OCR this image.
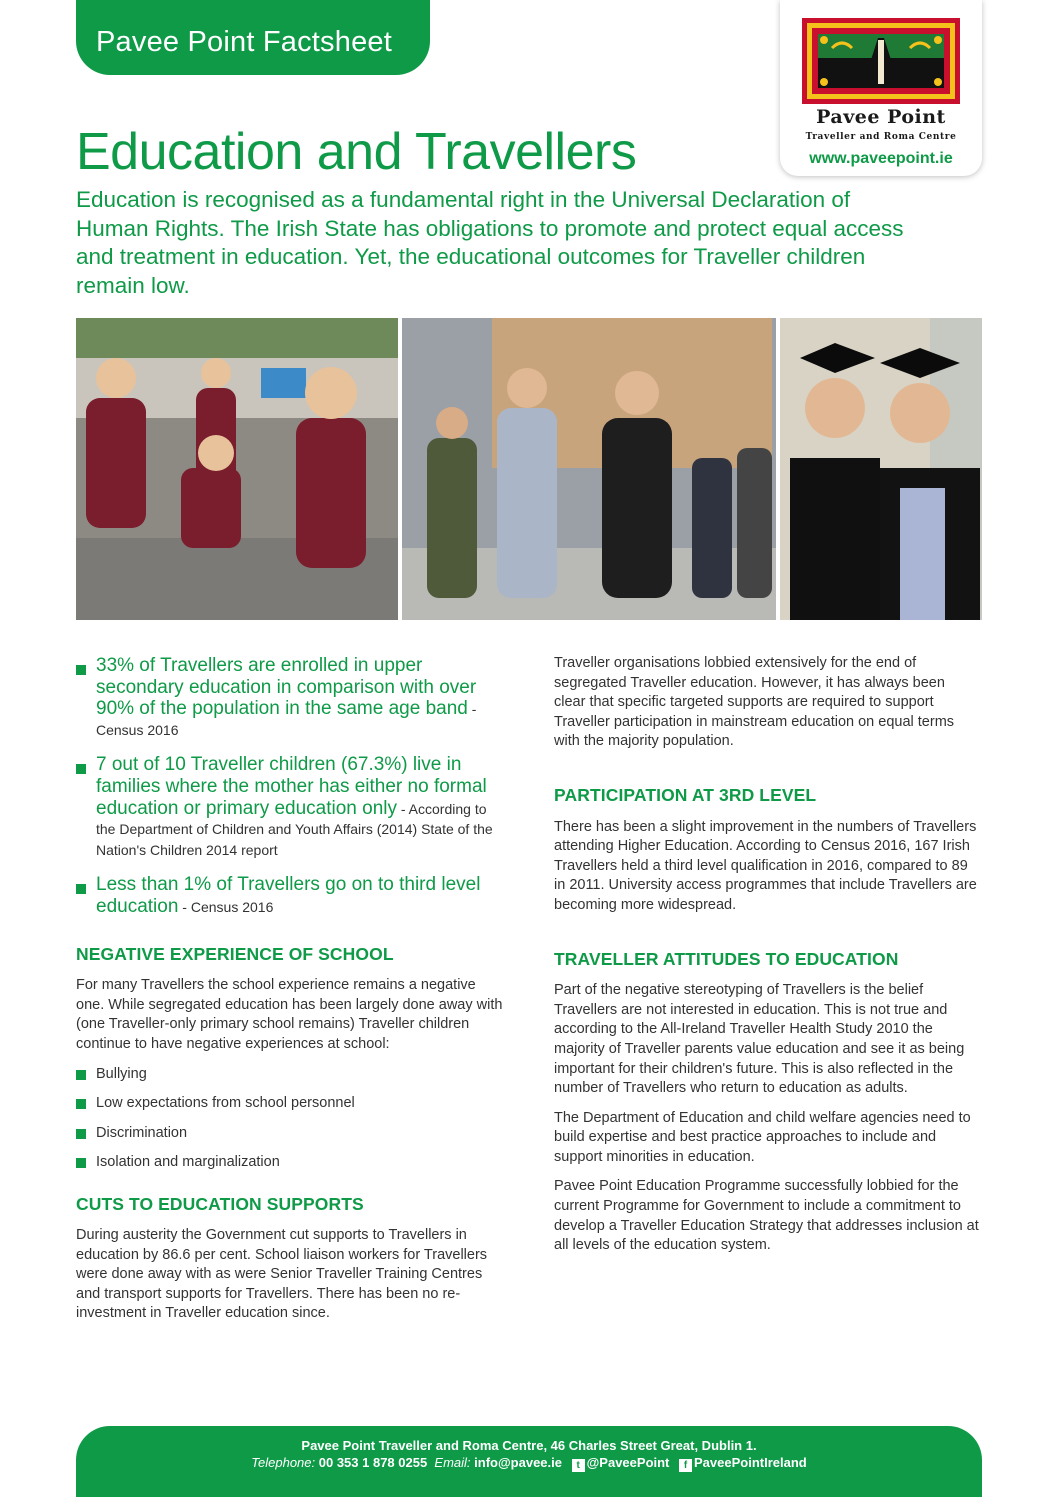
Pavee Point Factsheet
Pavee Point
Traveller and Roma Centre
www.paveepoint.ie
Education and Travellers

Education is recognised as a fundamental right in the Universal Declaration of Human Rights. The Irish State has obligations to promote and protect equal access and treatment in education. Yet, the educational outcomes for Traveller children remain low.

33% of Travellers are enrolled in upper secondary education in comparison with over 90% of the population in the same age band - Census 2016
7 out of 10 Traveller children (67.3%) live in families where the mother has either no formal education or primary education only - According to the Department of Children and Youth Affairs (2014) State of the Nation's Children 2014 report
Less than 1% of Travellers go on to third level education - Census 2016
NEGATIVE EXPERIENCE OF SCHOOL

For many Travellers the school experience remains a negative one. While segregated education has been largely done away with (one Traveller-only primary school remains) Traveller children continue to have negative experiences at school:

Bullying
Low expectations from school personnel
Discrimination
Isolation and marginalization
CUTS TO EDUCATION SUPPORTS

During austerity the Government cut supports to Travellers in education by 86.6 per cent. School liaison workers for Travellers were done away with as were Senior Traveller Training Centres and transport supports for Travellers. There has been no re-investment in Traveller education since.

Traveller organisations lobbied extensively for the end of segregated Traveller education. However, it has always been clear that specific targeted supports are required to support Traveller participation in mainstream education on equal terms with the majority population.

PARTICIPATION AT 3RD LEVEL

There has been a slight improvement in the numbers of Travellers attending Higher Education. According to Census 2016, 167 Irish Travellers held a third level qualification in 2016, compared to 89 in 2011. University access programmes that include Travellers are becoming more widespread.

TRAVELLER ATTITUDES TO EDUCATION

Part of the negative stereotyping of Travellers is the belief Travellers are not interested in education. This is not true and according to the All-Ireland Traveller Health Study 2010 the majority of Traveller parents value education and see it as being important for their children's future. This is also reflected in the number of Travellers who return to education as adults.

The Department of Education and child welfare agencies need to build expertise and best practice approaches to include and support minorities in education.

Pavee Point Education Programme successfully lobbied for the current Programme for Government to include a commitment to develop a Traveller Education Strategy that addresses inclusion at all levels of the education system.

Pavee Point Traveller and Roma Centre, 46 Charles Street Great, Dublin 1.
Telephone: 00 353 1 878 0255 Email: info@pavee.ie t @PaveePoint f PaveePointIreland
